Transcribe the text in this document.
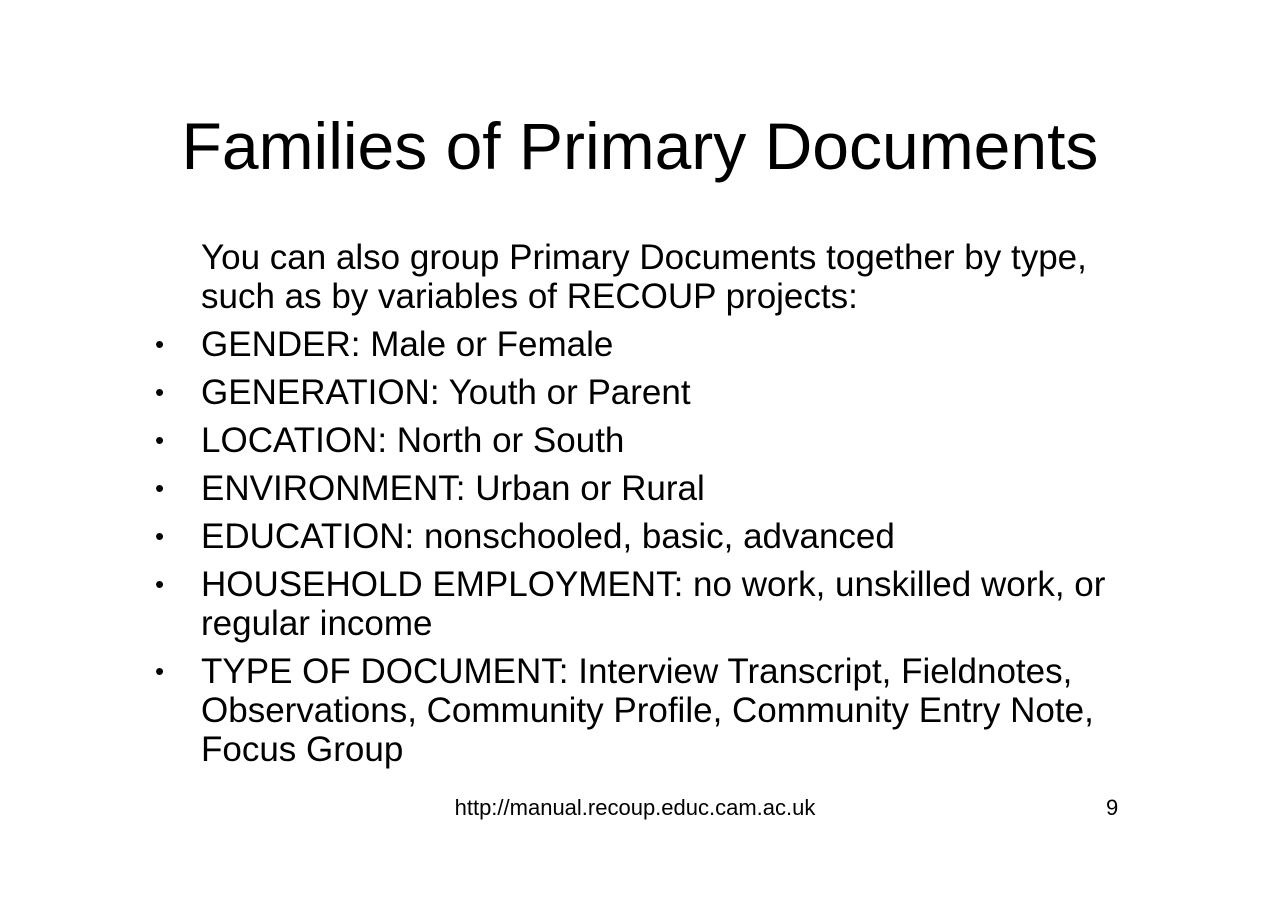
Families of Primary Documents

You can also group Primary Documents together by type, such as by variables of RECOUP projects:

•	GENDER: Male or Female
•	GENERATION: Youth or Parent
•	LOCATION: North or South
•	ENVIRONMENT: Urban or Rural
•	EDUCATION: nonschooled, basic, advanced
•	HOUSEHOLD EMPLOYMENT: no work, unskilled work, or regular income
•	TYPE OF DOCUMENT: Interview Transcript, Fieldnotes, Observations, Community Profile, Community Entry Note, Focus Group
http://manual.recoup.educ.cam.ac.uk	9
